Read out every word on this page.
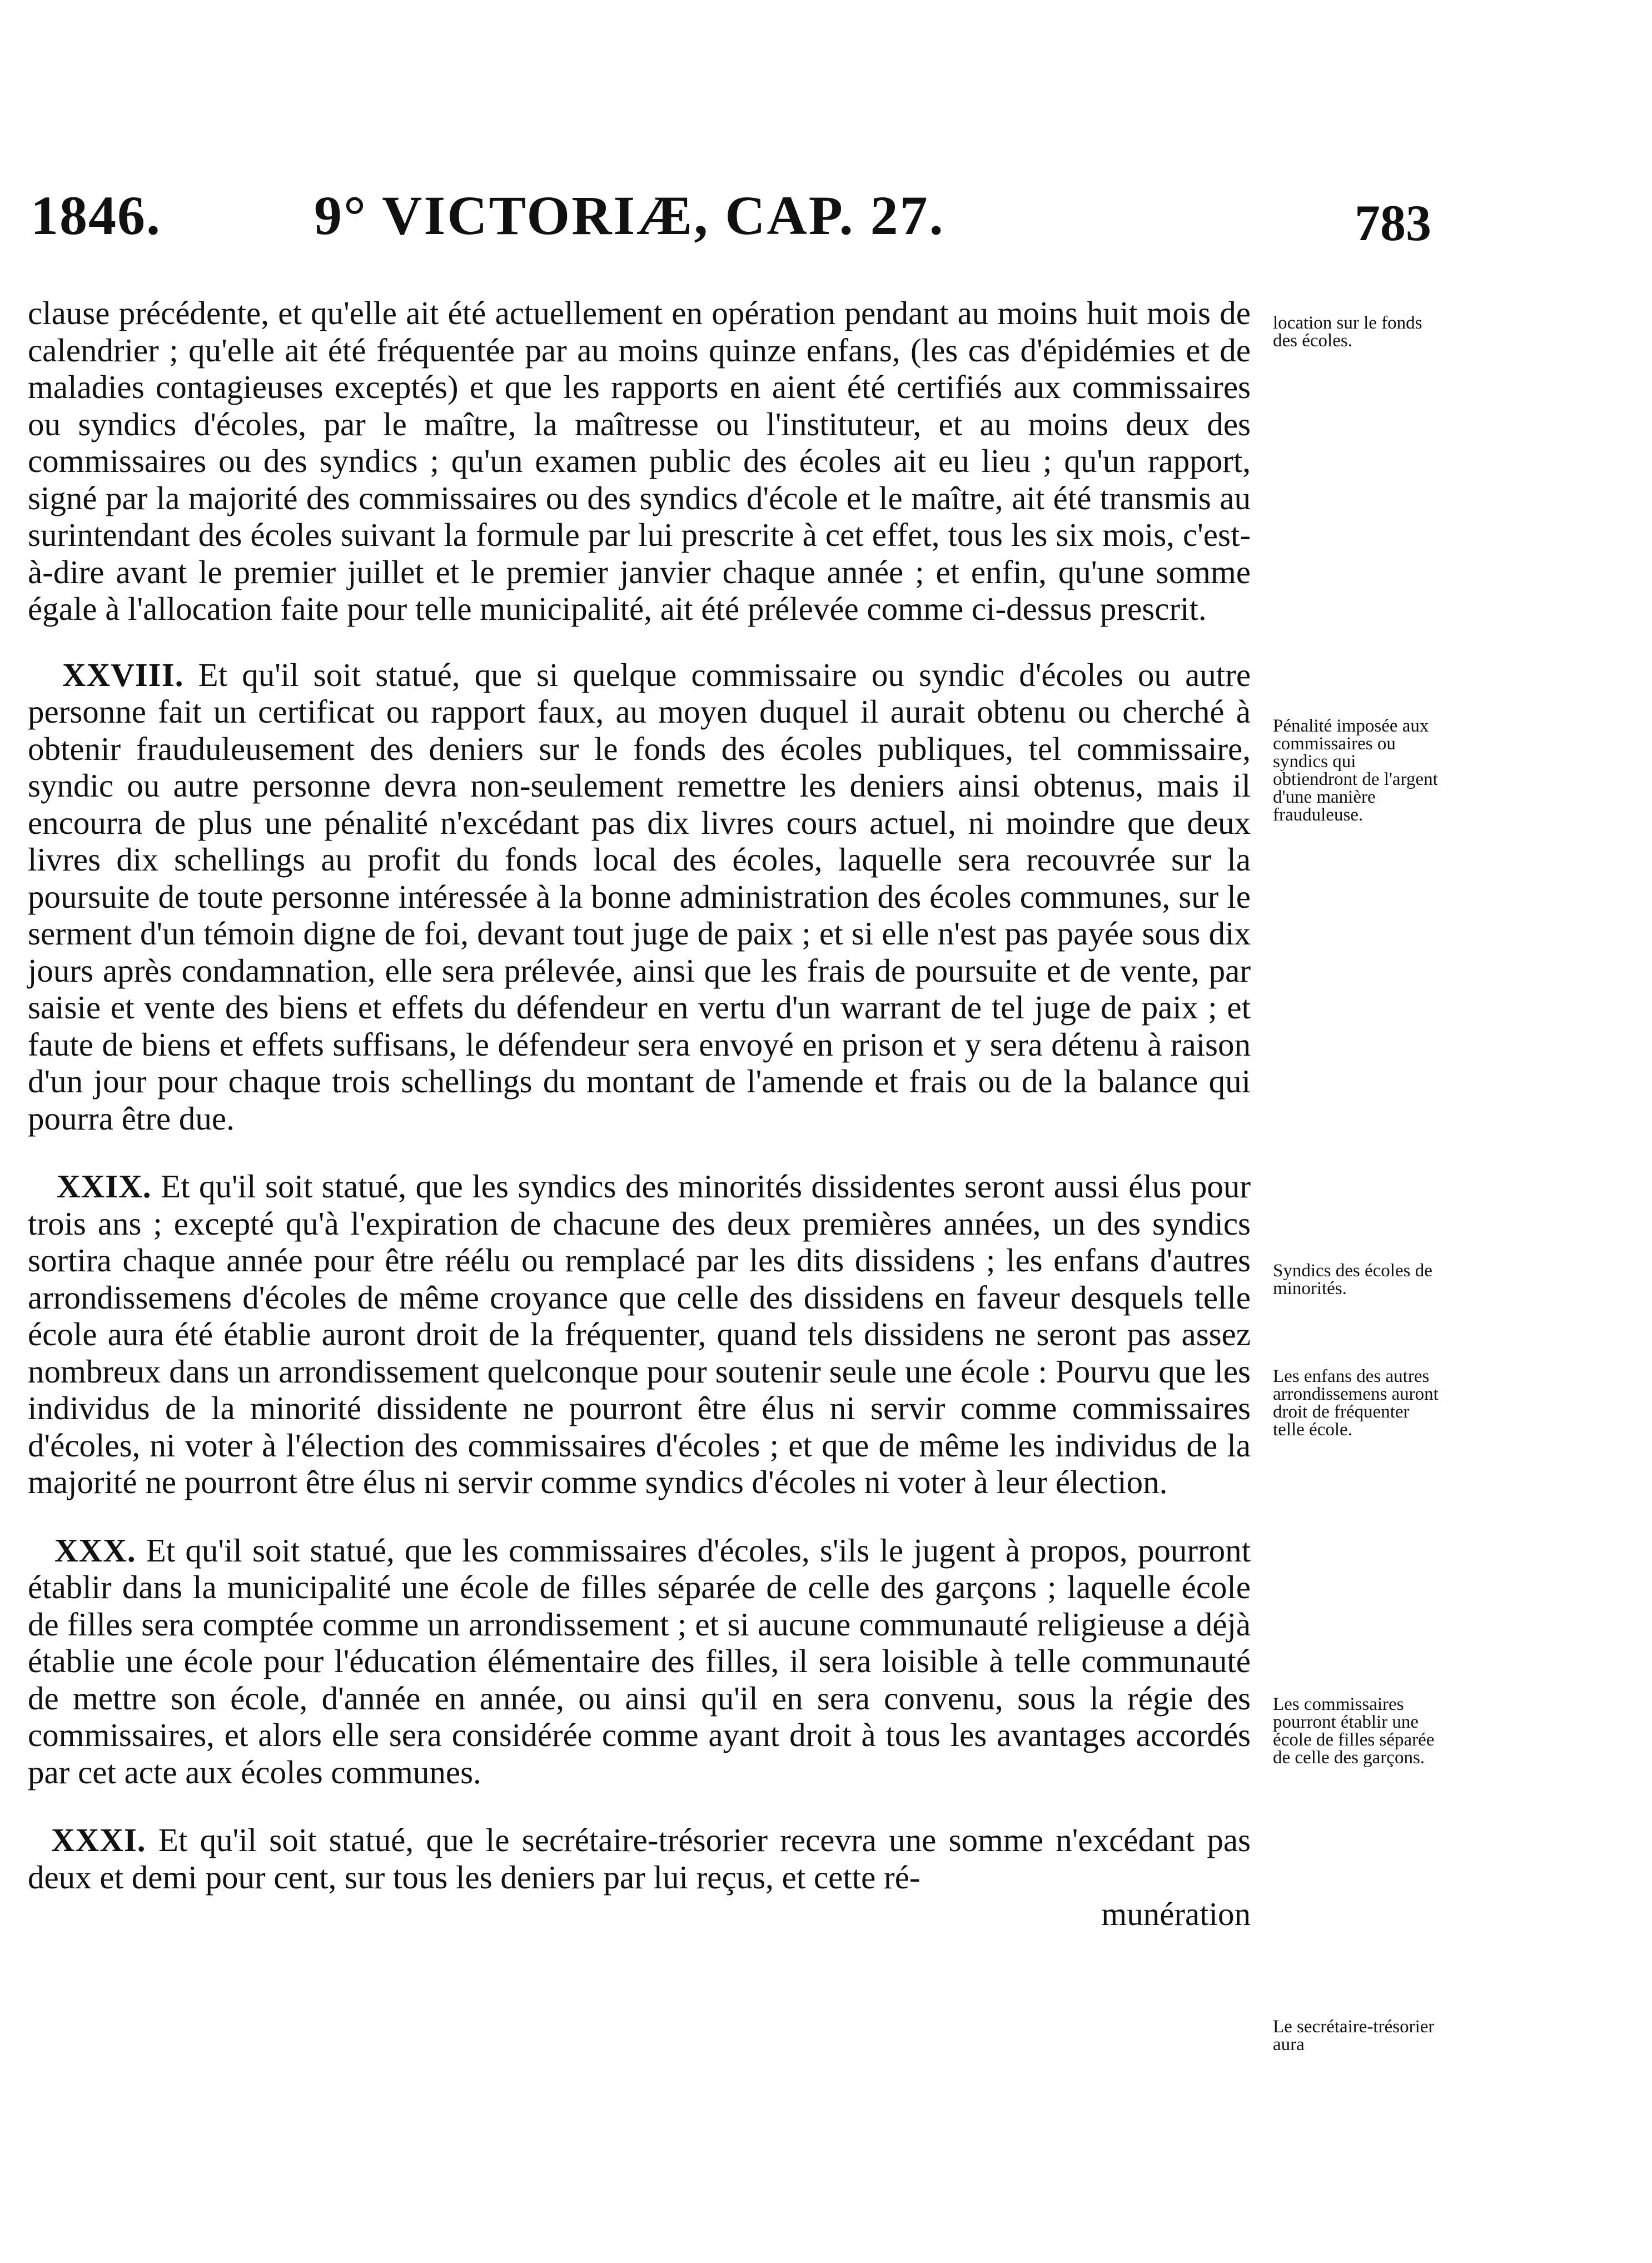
1846.	9° VICTORIÆ, CAP. 27.	783

clause précédente, et qu'elle ait été actuellement en opération pendant au moins huit mois de calendrier ; qu'elle ait été fréquentée par au moins quinze enfans, (les cas d'épidémies et de maladies contagieuses exceptés) et que les rapports en aient été certifiés aux commissaires ou syndics d'écoles, par le maître, la maîtresse ou l'instituteur, et au moins deux des commissaires ou des syndics ; qu'un examen public des écoles ait eu lieu ; qu'un rapport, signé par la majorité des commissaires ou des syndics d'école et le maître, ait été transmis au surintendant des écoles suivant la formule par lui prescrite à cet effet, tous les six mois, c'est-à-dire avant le premier juillet et le premier janvier chaque année ; et enfin, qu'une somme égale à l'allocation faite pour telle municipalité, ait été prélevée comme ci-dessus prescrit.

XXVIII. Et qu'il soit statué, que si quelque commissaire ou syndic d'écoles ou autre personne fait un certificat ou rapport faux, au moyen duquel il aurait obtenu ou cherché à obtenir frauduleusement des deniers sur le fonds des écoles publiques, tel commissaire, syndic ou autre personne devra non-seulement remettre les deniers ainsi obtenus, mais il encourra de plus une pénalité n'excédant pas dix livres cours actuel, ni moindre que deux livres dix schellings au profit du fonds local des écoles, laquelle sera recouvrée sur la poursuite de toute personne intéressée à la bonne administration des écoles communes, sur le serment d'un témoin digne de foi, devant tout juge de paix ; et si elle n'est pas payée sous dix jours après condamnation, elle sera prélevée, ainsi que les frais de poursuite et de vente, par saisie et vente des biens et effets du défendeur en vertu d'un warrant de tel juge de paix ; et faute de biens et effets suffisans, le défendeur sera envoyé en prison et y sera détenu à raison d'un jour pour chaque trois schellings du montant de l'amende et frais ou de la balance qui pourra être due.

XXIX. Et qu'il soit statué, que les syndics des minorités dissidentes seront aussi élus pour trois ans ; excepté qu'à l'expiration de chacune des deux premières années, un des syndics sortira chaque année pour être réélu ou remplacé par les dits dissidens ; les enfans d'autres arrondissemens d'écoles de même croyance que celle des dissidens en faveur desquels telle école aura été établie auront droit de la fréquenter, quand tels dissidens ne seront pas assez nombreux dans un arrondissement quelconque pour soutenir seule une école : Pourvu que les individus de la minorité dissidente ne pourront être élus ni servir comme commissaires d'écoles, ni voter à l'élection des commissaires d'écoles ; et que de même les individus de la majorité ne pourront être élus ni servir comme syndics d'écoles ni voter à leur élection.

XXX. Et qu'il soit statué, que les commissaires d'écoles, s'ils le jugent à propos, pourront établir dans la municipalité une école de filles séparée de celle des garçons ; laquelle école de filles sera comptée comme un arrondissement ; et si aucune communauté religieuse a déjà établie une école pour l'éducation élémentaire des filles, il sera loisible à telle communauté de mettre son école, d'année en année, ou ainsi qu'il en sera convenu, sous la régie des commissaires, et alors elle sera considérée comme ayant droit à tous les avantages accordés par cet acte aux écoles communes.

XXXI. Et qu'il soit statué, que le secrétaire-trésorier recevra une somme n'excédant pas deux et demi pour cent, sur tous les deniers par lui reçus, et cette ré-

munération

location sur le fonds des écoles.
Pénalité imposée aux commissaires ou syndics qui obtiendront de l'argent d'une manière frauduleuse.
Syndics des écoles de minorités.
Les enfans des autres arrondissemens auront droit de fréquenter telle école.
Les commissaires pourront établir une école de filles séparée de celle des garçons.
Le secrétaire-trésorier aura
